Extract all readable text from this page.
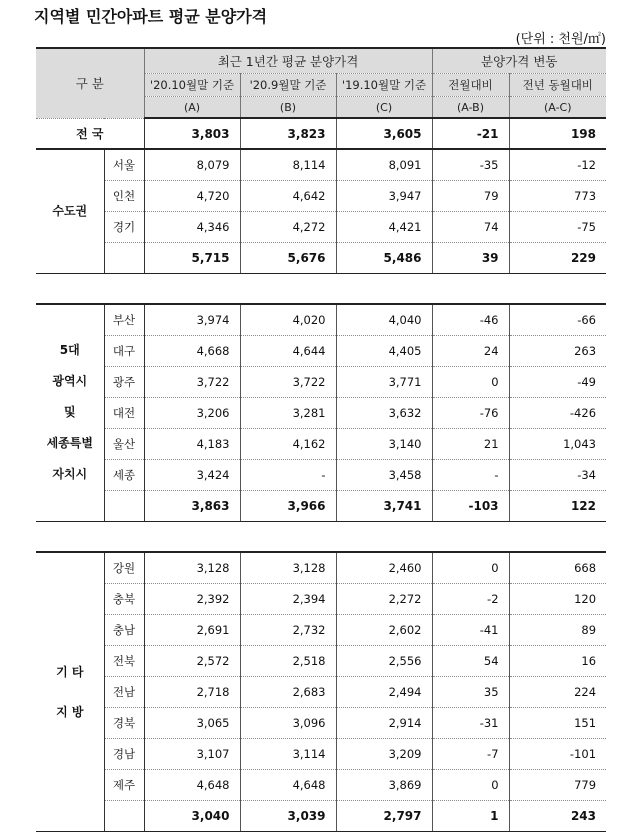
지역별 민간아파트 평균 분양가격
(단위 : 천원/㎡)
구 분		최근 1년간 평균 분양가격			분양가격 변동	
		'20.10월말 기준	'20.9월말 기준	'19.10월말 기준	전월대비	전년 동월대비
		(A)	(B)	(C)	(A-B)	(A-C)
전 국		3,803	3,823	3,605	-21	198
수도권	서울	8,079	8,114	8,091	-35	-12
	인천	4,720	4,642	3,947	79	773
	경기	4,346	4,272	4,421	74	-75
		5,715	5,676	5,486	39	229

5대
광역시
및
세종특별
자치시	부산	3,974	4,020	4,040	-46	-66
	대구	4,668	4,644	4,405	24	263
	광주	3,722	3,722	3,771	0	-49
	대전	3,206	3,281	3,632	-76	-426
	울산	4,183	4,162	3,140	21	1,043
	세종	3,424	-	3,458	-	-34
		3,863	3,966	3,741	-103	122

기 타
지 방	강원	3,128	3,128	2,460	0	668
	충북	2,392	2,394	2,272	-2	120
	충남	2,691	2,732	2,602	-41	89
	전북	2,572	2,518	2,556	54	16
	전남	2,718	2,683	2,494	35	224
	경북	3,065	3,096	2,914	-31	151
	경남	3,107	3,114	3,209	-7	-101
	제주	4,648	4,648	3,869	0	779
		3,040	3,039	2,797	1	243
